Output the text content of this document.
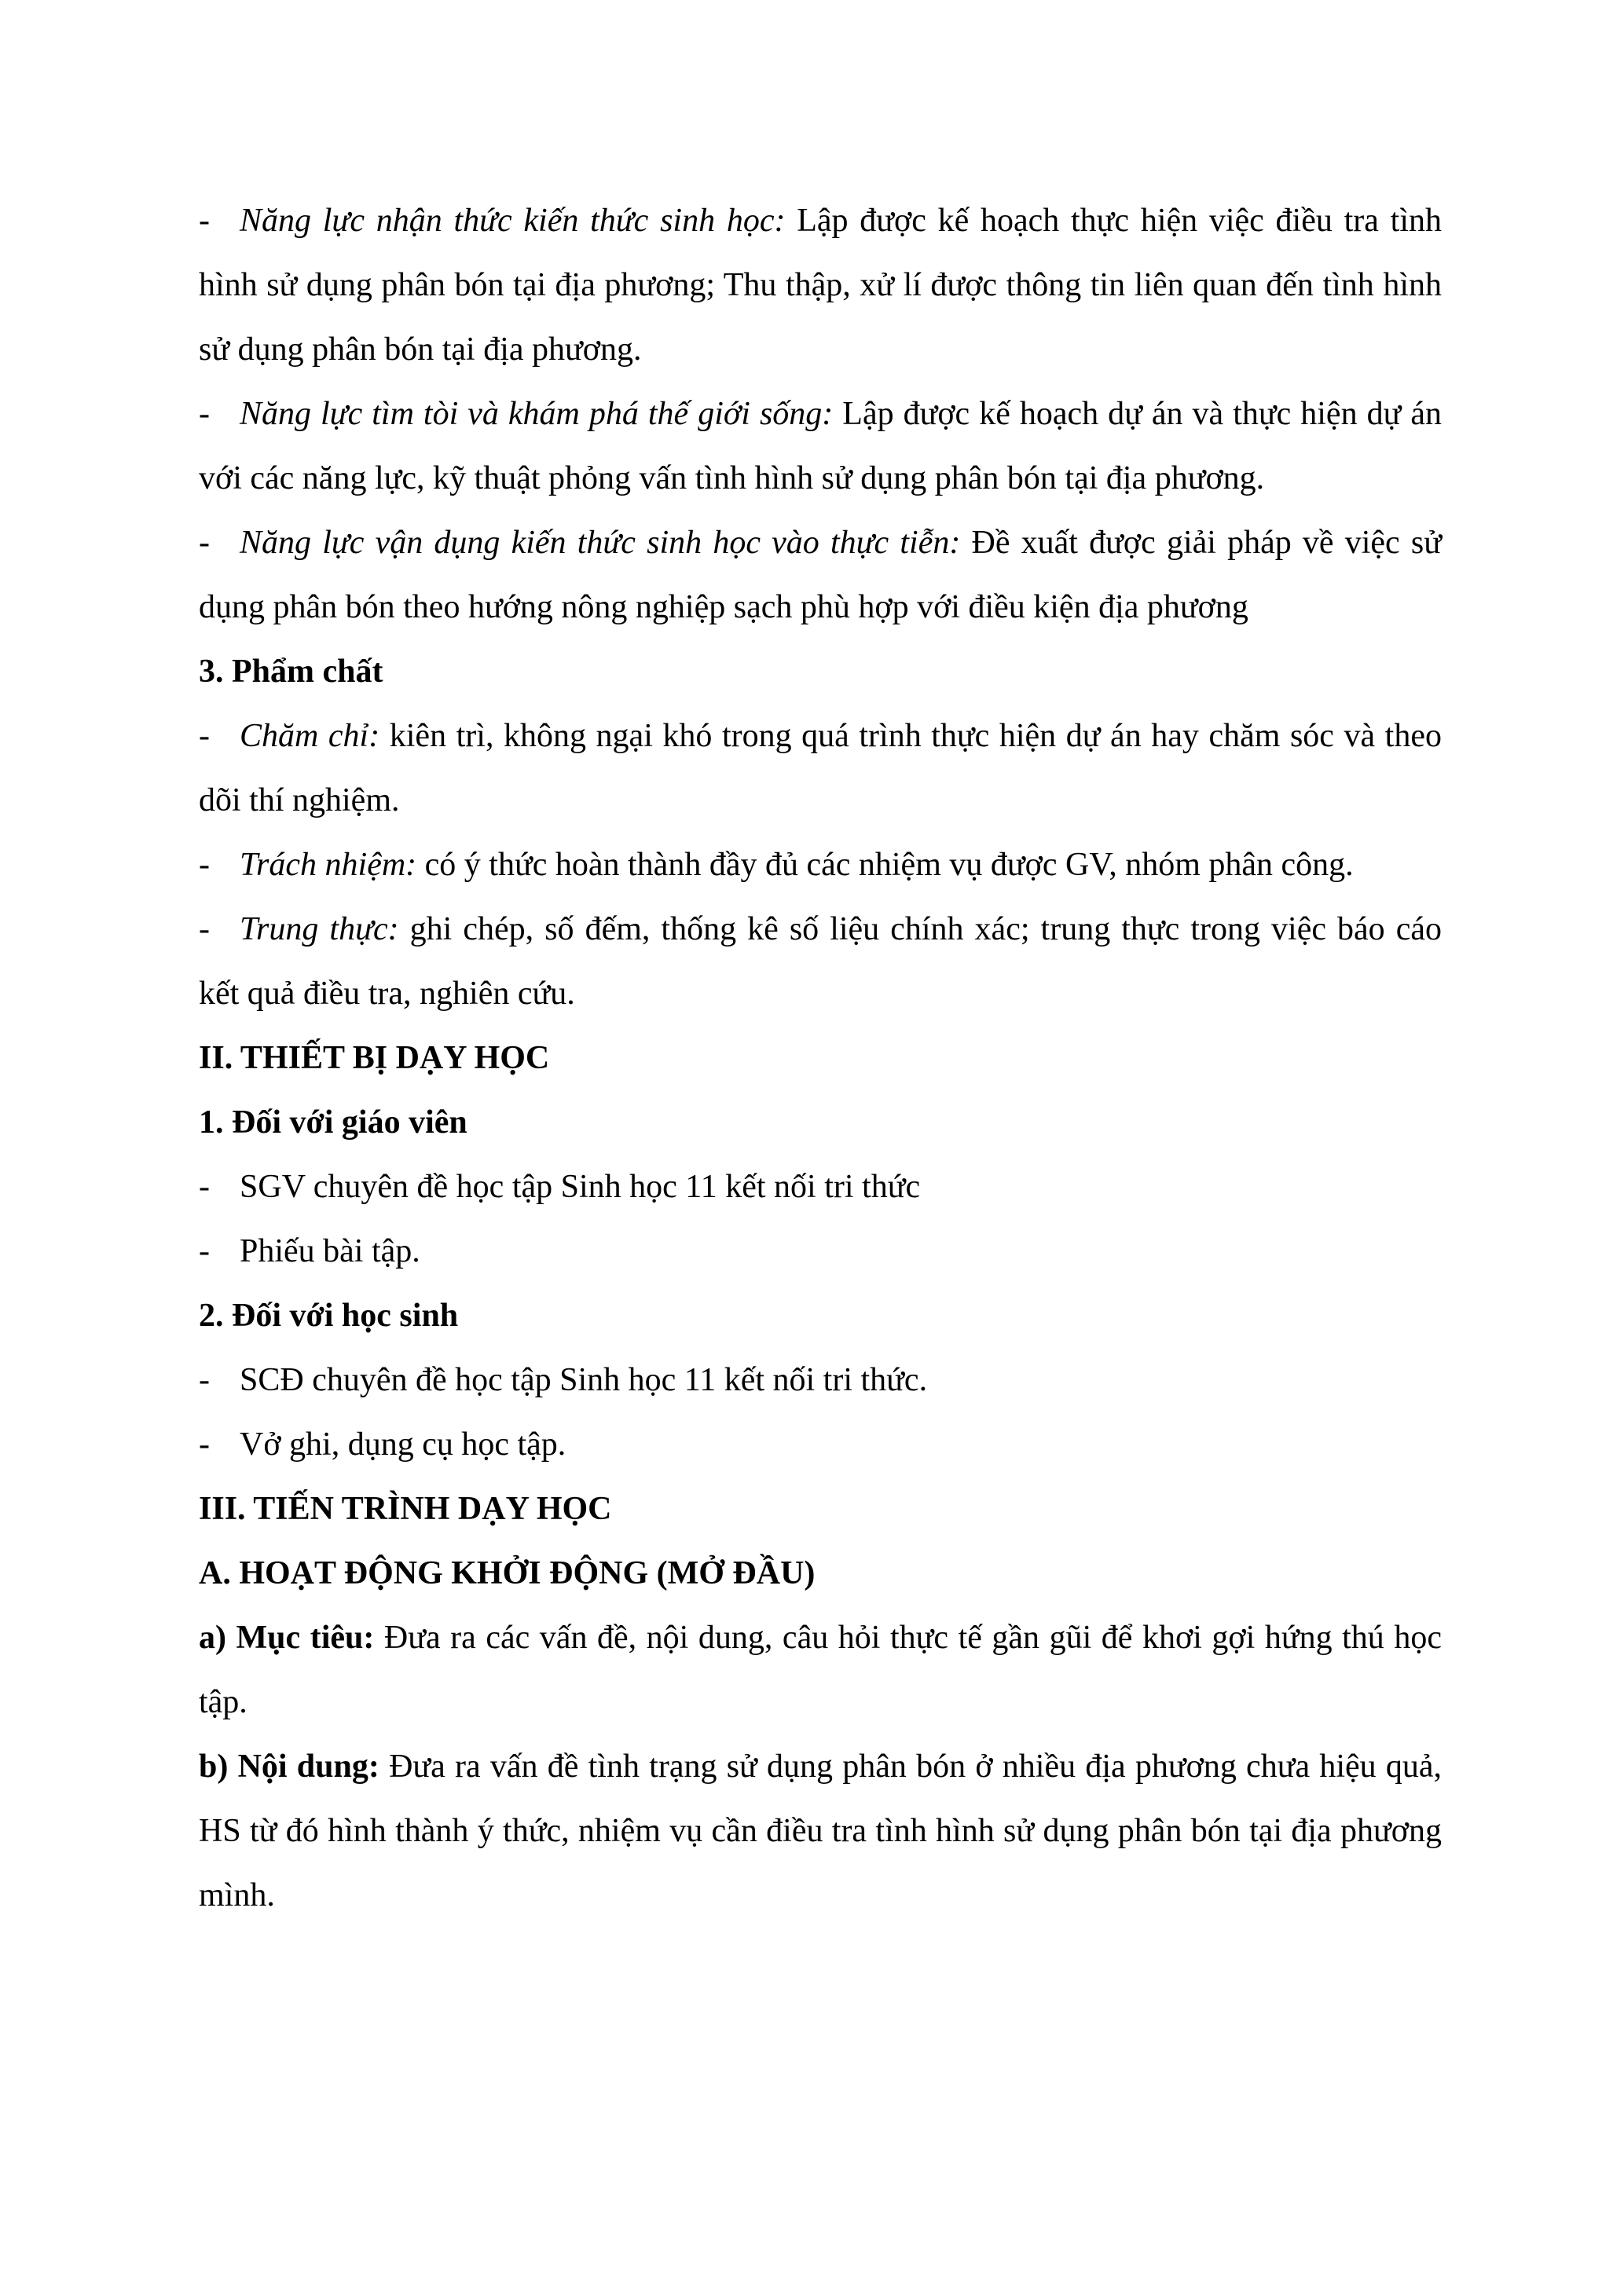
- Năng lực nhận thức kiến thức sinh học: Lập được kế hoạch thực hiện việc điều tra tình hình sử dụng phân bón tại địa phương; Thu thập, xử lí được thông tin liên quan đến tình hình sử dụng phân bón tại địa phương.

- Năng lực tìm tòi và khám phá thế giới sống: Lập được kế hoạch dự án và thực hiện dự án với các năng lực, kỹ thuật phỏng vấn tình hình sử dụng phân bón tại địa phương.

- Năng lực vận dụng kiến thức sinh học vào thực tiễn: Đề xuất được giải pháp về việc sử dụng phân bón theo hướng nông nghiệp sạch phù hợp với điều kiện địa phương

3. Phẩm chất

- Chăm chỉ: kiên trì, không ngại khó trong quá trình thực hiện dự án hay chăm sóc và theo dõi thí nghiệm.

- Trách nhiệm: có ý thức hoàn thành đầy đủ các nhiệm vụ được GV, nhóm phân công.

- Trung thực: ghi chép, số đếm, thống kê số liệu chính xác; trung thực trong việc báo cáo kết quả điều tra, nghiên cứu.

II. THIẾT BỊ DẠY HỌC

1. Đối với giáo viên

- SGV chuyên đề học tập Sinh học 11 kết nối tri thức

- Phiếu bài tập.

2. Đối với học sinh

- SCĐ chuyên đề học tập Sinh học 11 kết nối tri thức.

- Vở ghi, dụng cụ học tập.

III. TIẾN TRÌNH DẠY HỌC

A. HOẠT ĐỘNG KHỞI ĐỘNG (MỞ ĐẦU)

a) Mục tiêu: Đưa ra các vấn đề, nội dung, câu hỏi thực tế gần gũi để khơi gợi hứng thú học tập.

b) Nội dung: Đưa ra vấn đề tình trạng sử dụng phân bón ở nhiều địa phương chưa hiệu quả, HS từ đó hình thành ý thức, nhiệm vụ cần điều tra tình hình sử dụng phân bón tại địa phương mình.
